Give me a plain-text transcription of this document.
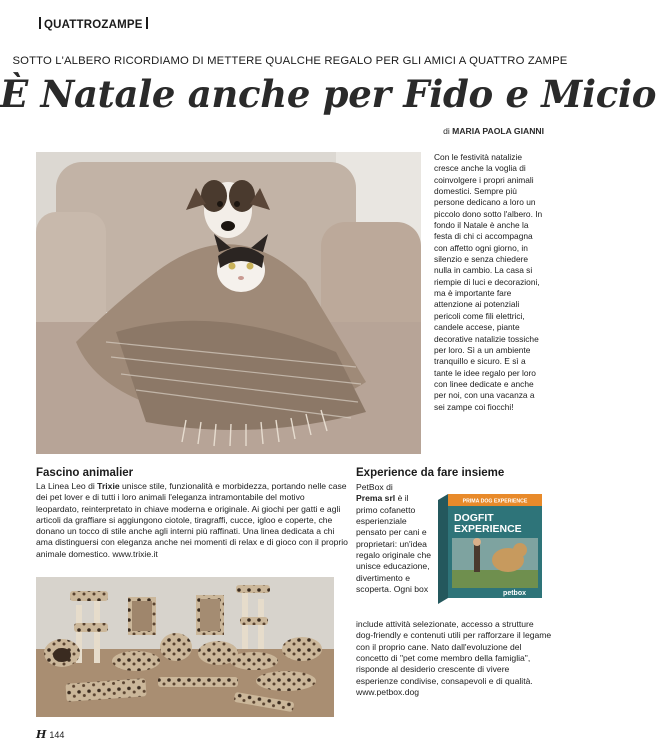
QUATTROZAMPE
SOTTO L'ALBERO RICORDIAMO DI METTERE QUALCHE REGALO PER GLI AMICI A QUATTRO ZAMPE
È Natale anche per Fido e Micio
di MARIA PAOLA GIANNI

Con le festività natalizie cresce anche la voglia di coinvolgere i propri animali domestici. Sempre più persone dedicano a loro un piccolo dono sotto l'albero. In fondo il Natale è anche la festa di chi ci accompagna con affetto ogni giorno, in silenzio e senza chiedere nulla in cambio. La casa si riempie di luci e decorazioni, ma è importante fare attenzione ai potenziali pericoli come fili elettrici, candele accese, piante decorative natalizie tossiche per loro. Sì a un ambiente tranquillo e sicuro. E sì a tante le idee regalo per loro con linee dedicate e anche per noi, con una vacanza a sei zampe coi fiocchi!

Fascino animalier

La Linea Leo di Trixie unisce stile, funzionalità e morbidezza, portando nelle case dei pet lover e di tutti i loro animali l'eleganza intramontabile del motivo leopardato, reinterpretato in chiave moderna e originale. Ai giochi per gatti e agli articoli da graffiare si aggiungono ciotole, tiragraffi, cucce, igloo e coperte, che donano un tocco di stile anche agli interni più raffinati. Una linea dedicata a chi ama distinguersi con eleganza anche nei momenti di relax e di gioco con il proprio animale domestico. www.trixie.it

Experience da fare insieme

PetBox di
Prema srl è il primo cofanetto esperienziale pensato per cani e proprietari: un'idea regalo originale che unisce educazione, divertimento e scoperta. Ogni box

PRIMA DOG EXPERIENCE
DOGFIT
EXPERIENCE
petbox

include attività selezionate, accesso a strutture dog-friendly e contenuti utili per rafforzare il legame con il proprio cane. Nato dall'evoluzione del concetto di "pet come membro della famiglia", risponde al desiderio crescente di vivere esperienze condivise, consapevoli e di qualità. www.petbox.dog

H 144
